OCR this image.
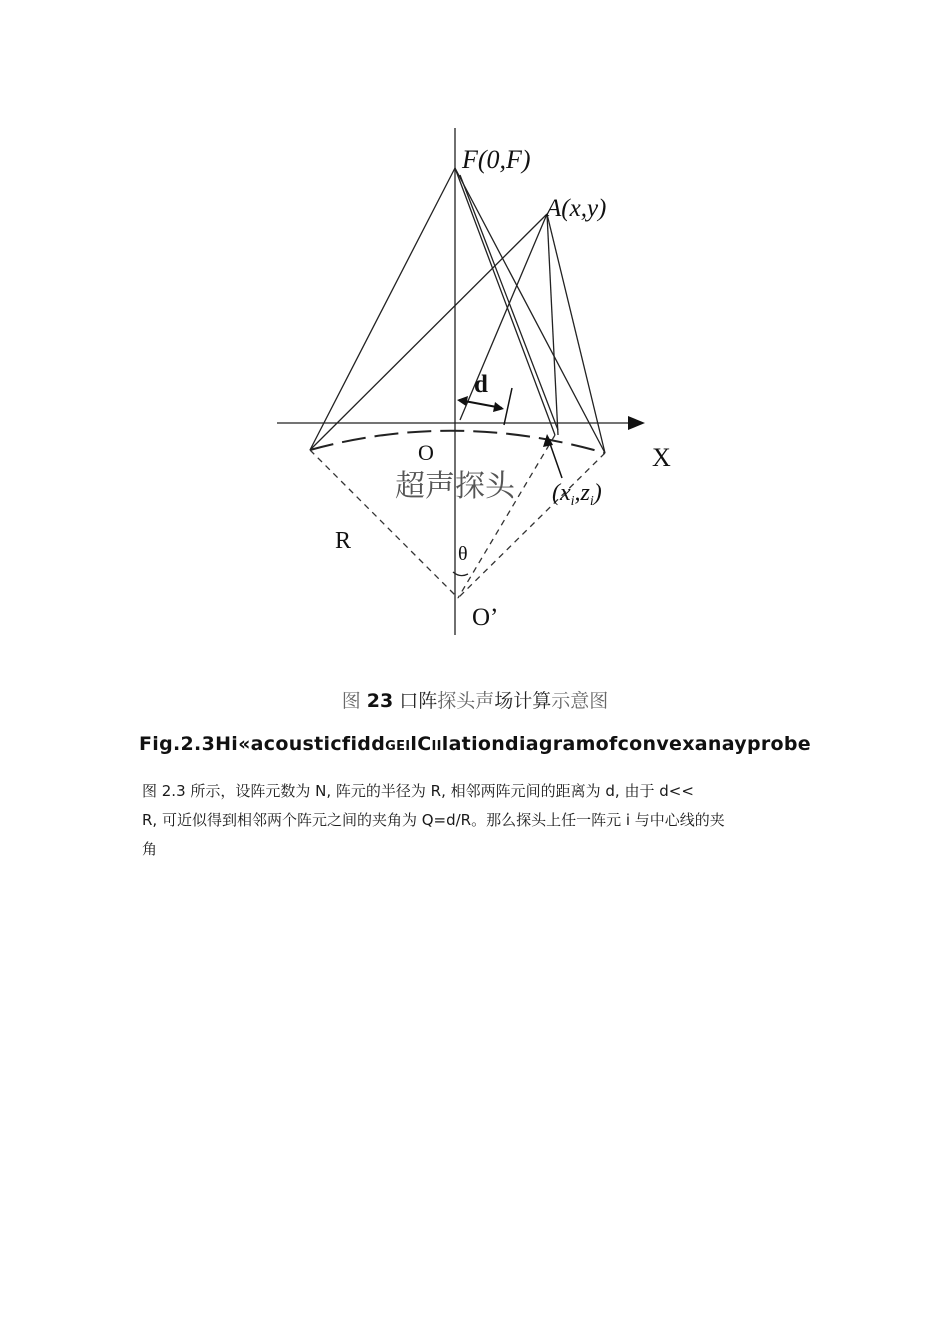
F(0,F)
A(x,y)
d
O	X
超声探头 $(x_i,z_i)$
R	θ
O’
图 23 口阵探头声场计算示意图
Fig.2.3Hi«acousticfiddGEIlCIIlationdiagramofconvexanayprobe

图 2.3 所示，设阵元数为 N, 阵元的半径为 R, 相邻两阵元间的距离为 d, 由于 d<<

R, 可近似得到相邻两个阵元之间的夹角为 Q=d/R。那么探头上任一阵元 i 与中心线的夹

角
